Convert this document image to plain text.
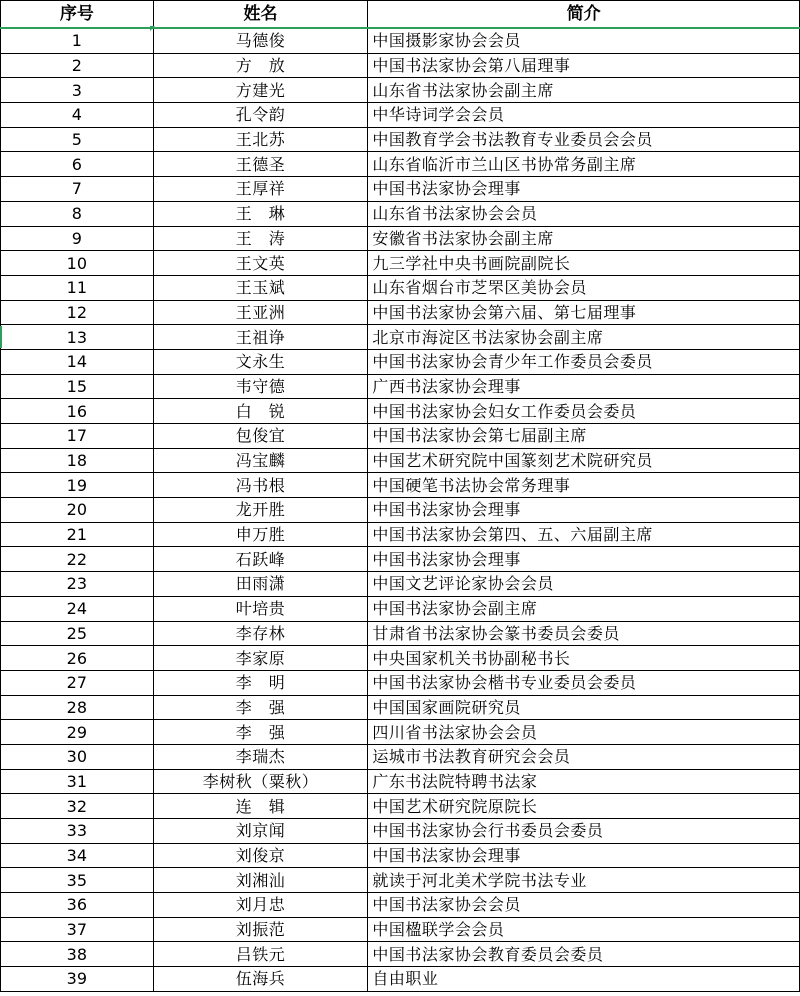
序号	姓名	简介
1	马德俊	中国摄影家协会会员
2	方　放	中国书法家协会第八届理事
3	方建光	山东省书法家协会副主席
4	孔令韵	中华诗词学会会员
5	王北苏	中国教育学会书法教育专业委员会会员
6	王德圣	山东省临沂市兰山区书协常务副主席
7	王厚祥	中国书法家协会理事
8	王　琳	山东省书法家协会会员
9	王　涛	安徽省书法家协会副主席
10	王文英	九三学社中央书画院副院长
11	王玉斌	山东省烟台市芝罘区美协会员
12	王亚洲	中国书法家协会第六届、第七届理事
13	王祖诤	北京市海淀区书法家协会副主席
14	文永生	中国书法家协会青少年工作委员会委员
15	韦守德	广西书法家协会理事
16	白　锐	中国书法家协会妇女工作委员会委员
17	包俊宜	中国书法家协会第七届副主席
18	冯宝麟	中国艺术研究院中国篆刻艺术院研究员
19	冯书根	中国硬笔书法协会常务理事
20	龙开胜	中国书法家协会理事
21	申万胜	中国书法家协会第四、五、六届副主席
22	石跃峰	中国书法家协会理事
23	田雨潇	中国文艺评论家协会会员
24	叶培贵	中国书法家协会副主席
25	李存林	甘肃省书法家协会篆书委员会委员
26	李家原	中央国家机关书协副秘书长
27	李　明	中国书法家协会楷书专业委员会委员
28	李　强	中国国家画院研究员
29	李　强	四川省书法家协会会员
30	李瑞杰	运城市书法教育研究会会员
31	李树秋（粟秋）	广东书法院特聘书法家
32	连　辑	中国艺术研究院原院长
33	刘京闻	中国书法家协会行书委员会委员
34	刘俊京	中国书法家协会理事
35	刘湘汕	就读于河北美术学院书法专业
36	刘月忠	中国书法家协会会员
37	刘振范	中国楹联学会会员
38	吕铁元	中国书法家协会教育委员会委员
39	伍海兵	自由职业
